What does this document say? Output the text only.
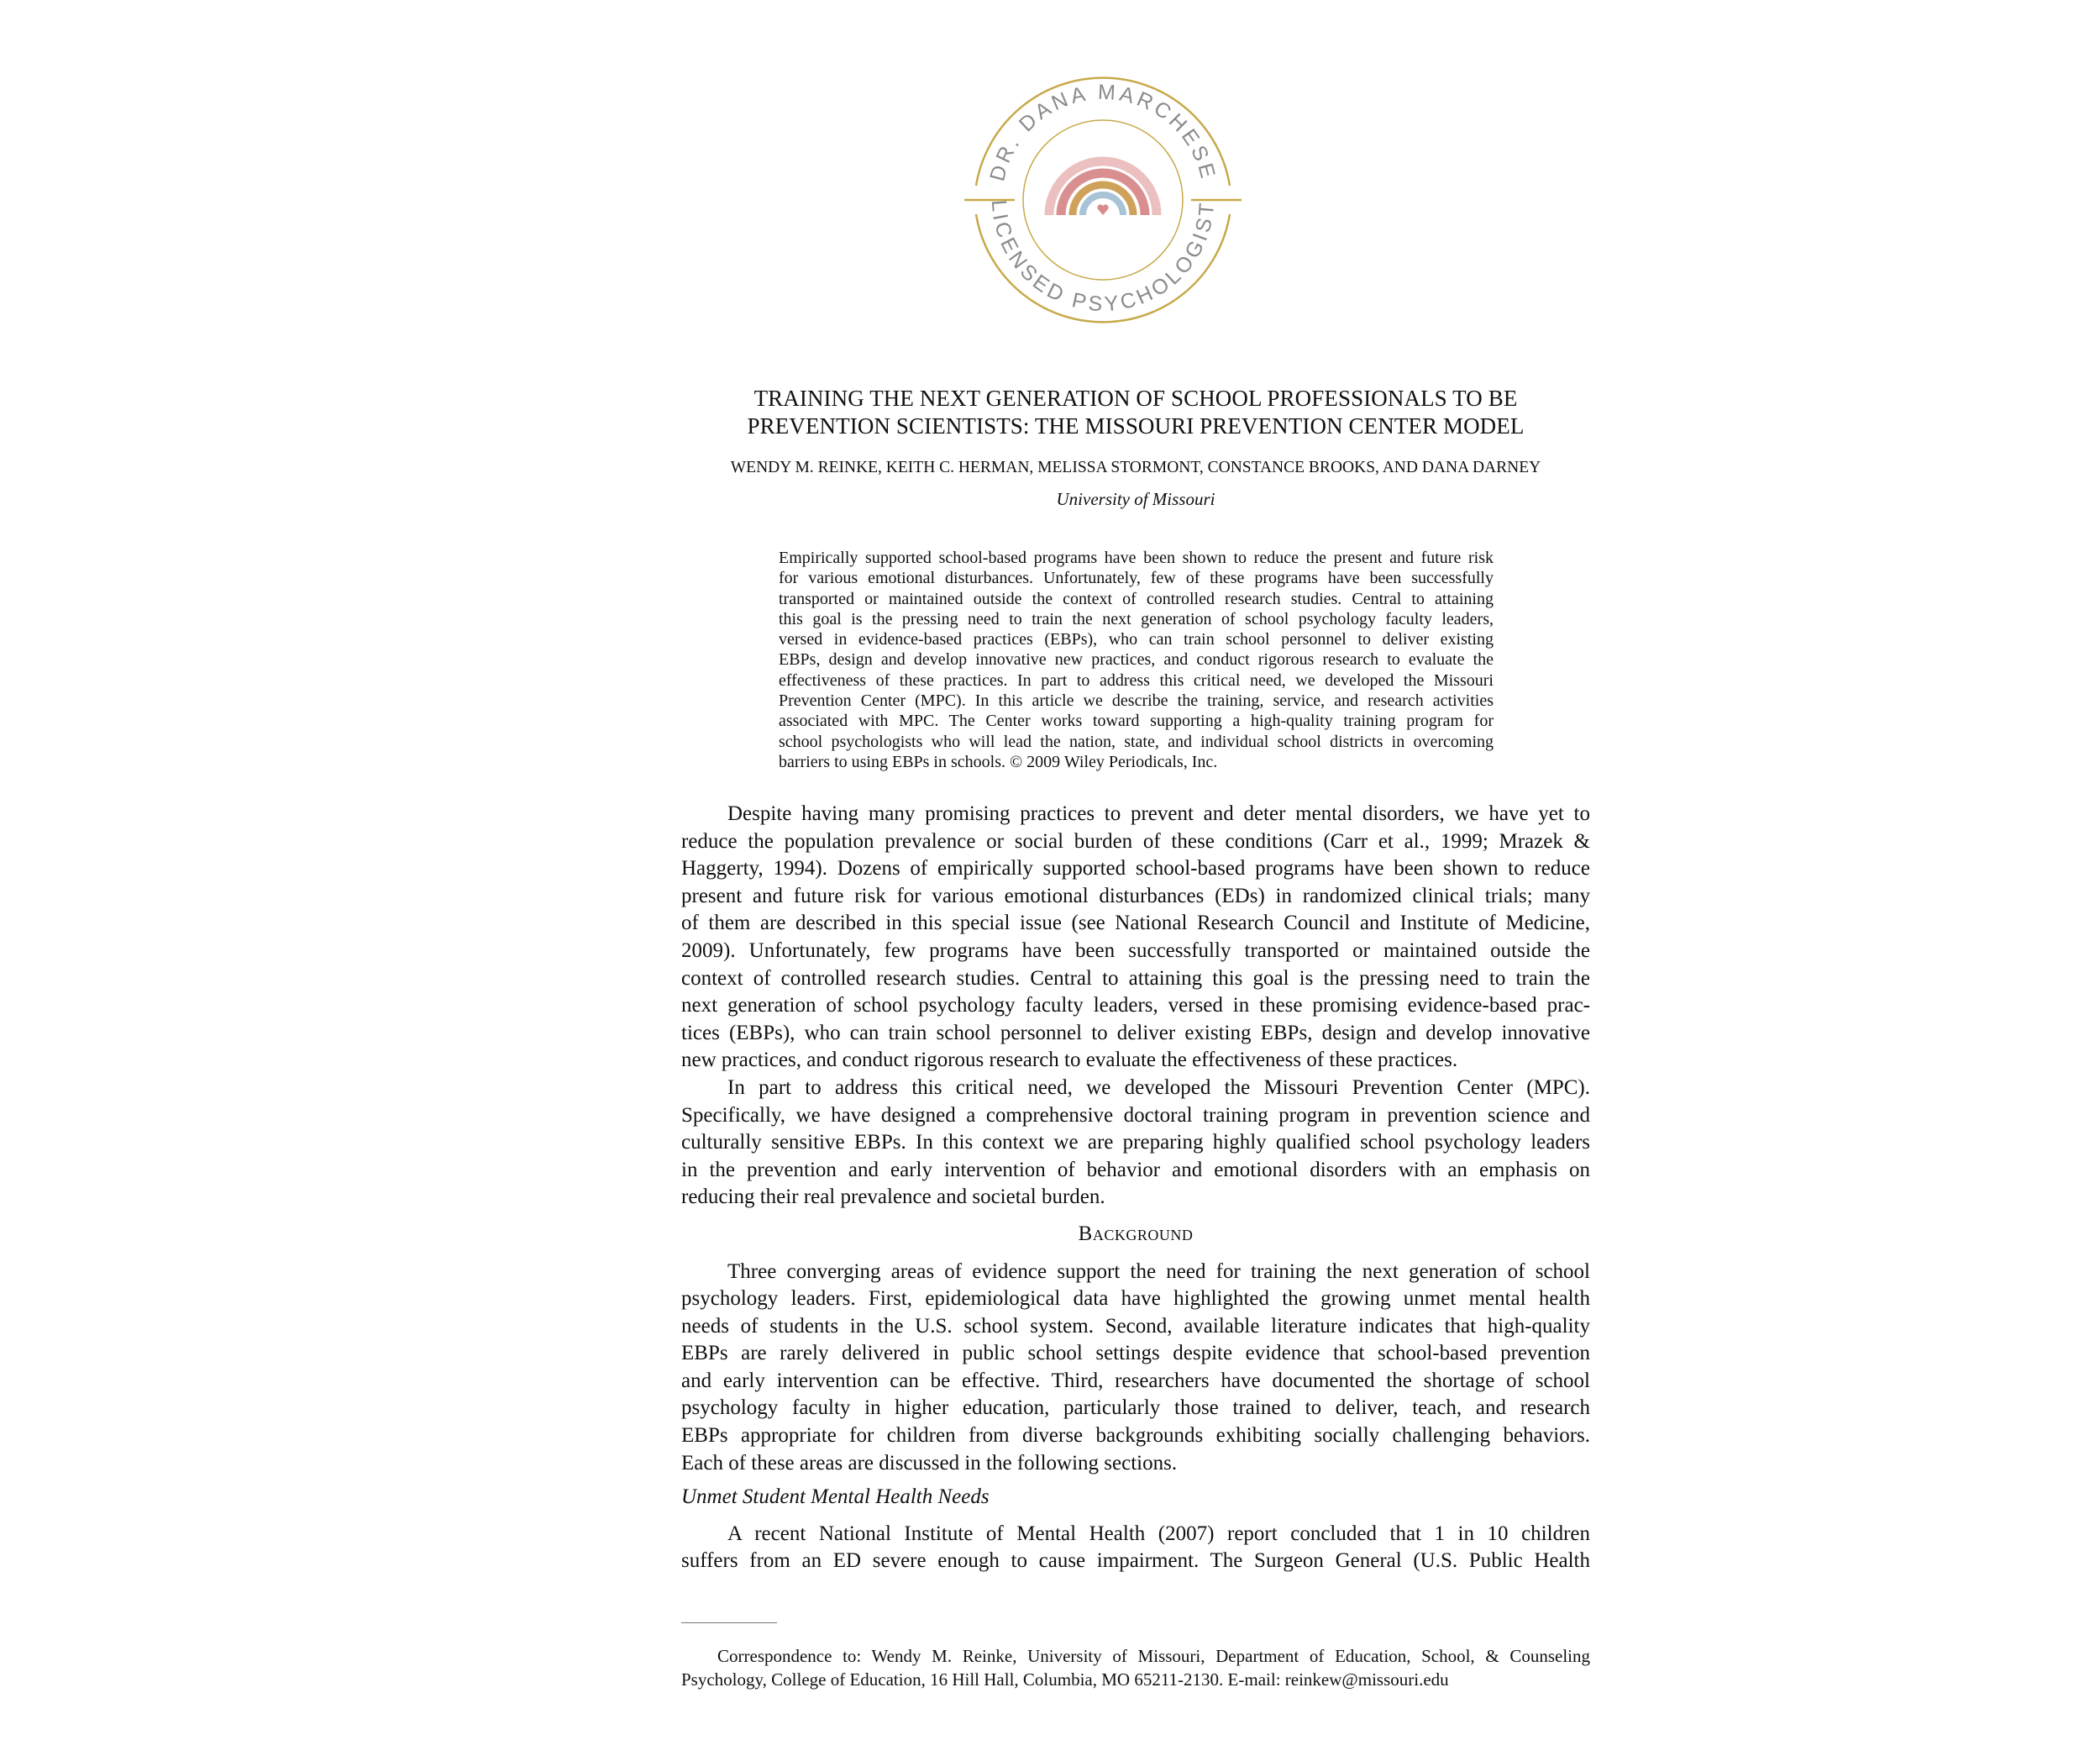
DR. DANA MARCHESE
LICENSED PSYCHOLOGIST
TRAINING THE NEXT GENERATION OF SCHOOL PROFESSIONALS TO BE
PREVENTION SCIENTISTS: THE MISSOURI PREVENTION CENTER MODEL
WENDY M. REINKE, KEITH C. HERMAN, MELISSA STORMONT, CONSTANCE BROOKS, AND DANA DARNEY
University of Missouri
Empirically supported school-based programs have been shown to reduce the present and future risk
for various emotional disturbances. Unfortunately, few of these programs have been successfully
transported or maintained outside the context of controlled research studies. Central to attaining
this goal is the pressing need to train the next generation of school psychology faculty leaders,
versed in evidence-based practices (EBPs), who can train school personnel to deliver existing
EBPs, design and develop innovative new practices, and conduct rigorous research to evaluate the
effectiveness of these practices. In part to address this critical need, we developed the Missouri
Prevention Center (MPC). In this article we describe the training, service, and research activities
associated with MPC. The Center works toward supporting a high-quality training program for
school psychologists who will lead the nation, state, and individual school districts in overcoming
barriers to using EBPs in schools. © 2009 Wiley Periodicals, Inc.
Despite having many promising practices to prevent and deter mental disorders, we have yet to
reduce the population prevalence or social burden of these conditions (Carr et al., 1999; Mrazek &
Haggerty, 1994). Dozens of empirically supported school-based programs have been shown to reduce
present and future risk for various emotional disturbances (EDs) in randomized clinical trials; many
of them are described in this special issue (see National Research Council and Institute of Medicine,
2009). Unfortunately, few programs have been successfully transported or maintained outside the
context of controlled research studies. Central to attaining this goal is the pressing need to train the
next generation of school psychology faculty leaders, versed in these promising evidence-based prac-
tices (EBPs), who can train school personnel to deliver existing EBPs, design and develop innovative
new practices, and conduct rigorous research to evaluate the effectiveness of these practices.
In part to address this critical need, we developed the Missouri Prevention Center (MPC).
Specifically, we have designed a comprehensive doctoral training program in prevention science and
culturally sensitive EBPs. In this context we are preparing highly qualified school psychology leaders
in the prevention and early intervention of behavior and emotional disorders with an emphasis on
reducing their real prevalence and societal burden.
Background
Three converging areas of evidence support the need for training the next generation of school
psychology leaders. First, epidemiological data have highlighted the growing unmet mental health
needs of students in the U.S. school system. Second, available literature indicates that high-quality
EBPs are rarely delivered in public school settings despite evidence that school-based prevention
and early intervention can be effective. Third, researchers have documented the shortage of school
psychology faculty in higher education, particularly those trained to deliver, teach, and research
EBPs appropriate for children from diverse backgrounds exhibiting socially challenging behaviors.
Each of these areas are discussed in the following sections.
Unmet Student Mental Health Needs
A recent National Institute of Mental Health (2007) report concluded that 1 in 10 children
suffers from an ED severe enough to cause impairment. The Surgeon General (U.S. Public Health
Correspondence to: Wendy M. Reinke, University of Missouri, Department of Education, School, & Counseling
Psychology, College of Education, 16 Hill Hall, Columbia, MO 65211-2130. E-mail: reinkew@missouri.edu
